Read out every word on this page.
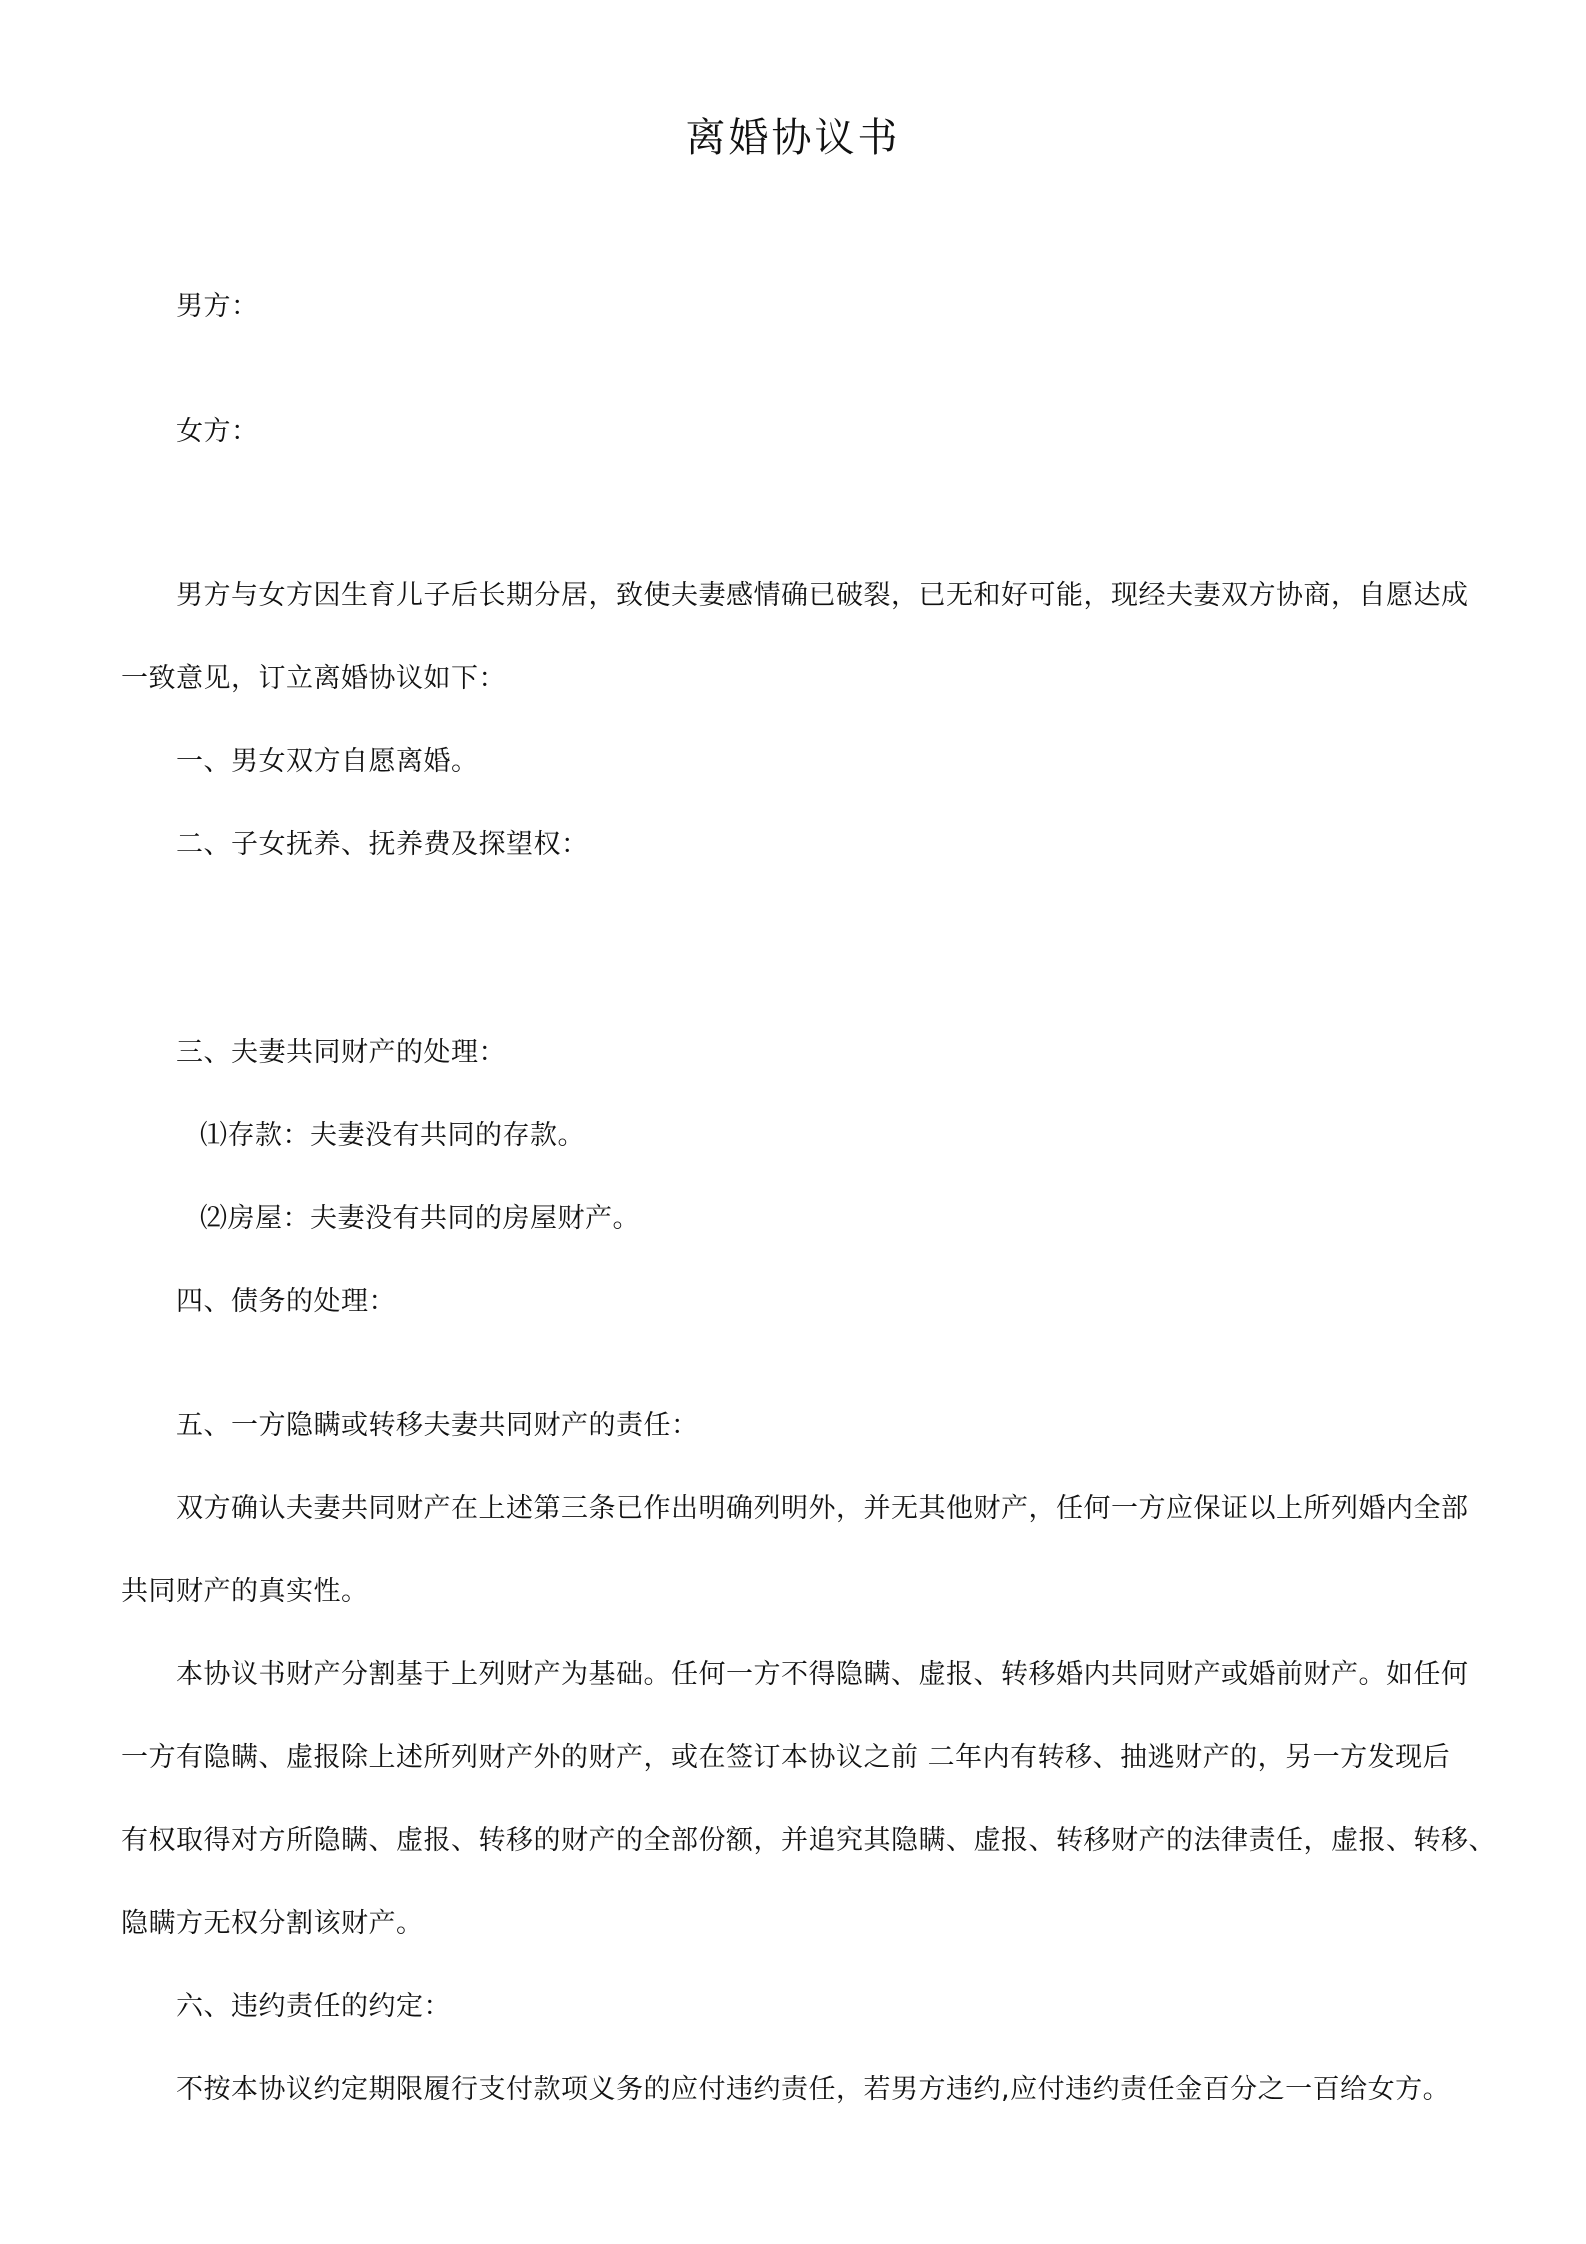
离婚协议书

男方：

女方：

男方与女方因生育儿子后长期分居，致使夫妻感情确已破裂，已无和好可能，现经夫妻双方协商，自愿达成

一致意见，订立离婚协议如下：

一、男女双方自愿离婚。

二、子女抚养、抚养费及探望权：

三、夫妻共同财产的处理：

⑴存款：夫妻没有共同的存款。

⑵房屋：夫妻没有共同的房屋财产。

四、债务的处理：

五、一方隐瞒或转移夫妻共同财产的责任：

双方确认夫妻共同财产在上述第三条已作出明确列明外，并无其他财产，任何一方应保证以上所列婚内全部

共同财产的真实性。

本协议书财产分割基于上列财产为基础。任何一方不得隐瞒、虚报、转移婚内共同财产或婚前财产。如任何

一方有隐瞒、虚报除上述所列财产外的财产，或在签订本协议之前 二年内有转移、抽逃财产的，另一方发现后

有权取得对方所隐瞒、虚报、转移的财产的全部份额，并追究其隐瞒、虚报、转移财产的法律责任，虚报、转移、

隐瞒方无权分割该财产。

六、违约责任的约定：

不按本协议约定期限履行支付款项义务的应付违约责任，若男方违约,应付违约责任金百分之一百给女方。
